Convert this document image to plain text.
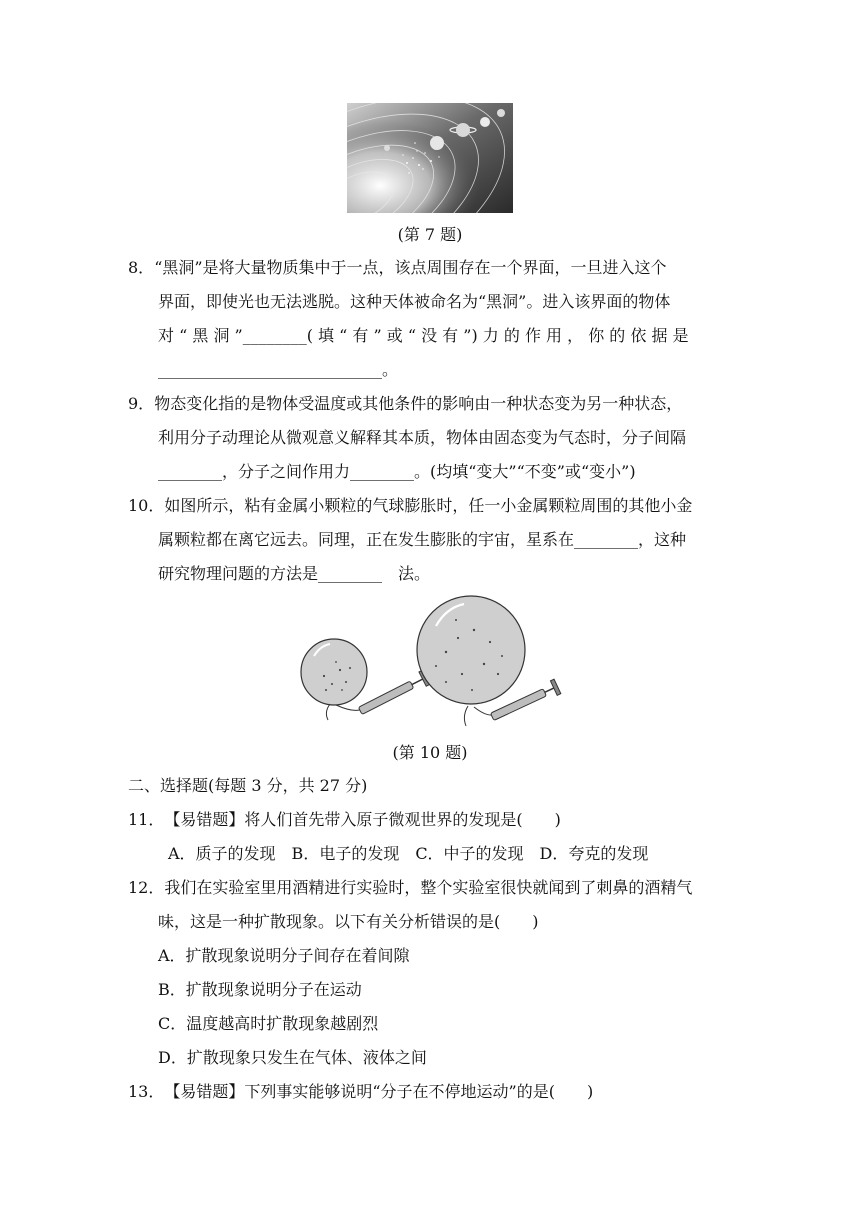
(第 7 题)
8．“黑洞”是将大量物质集中于一点，该点周围存在一个界面，一旦进入这个
界面，即使光也无法逃脱。这种天体被命名为“黑洞”。进入该界面的物体
对 “ 黑 洞 ”________( 填 “ 有 ” 或 “ 没 有 ”) 力 的 作 用 ， 你 的 依 据 是
____________________________。
9．物态变化指的是物体受温度或其他条件的影响由一种状态变为另一种状态，
利用分子动理论从微观意义解释其本质，物体由固态变为气态时，分子间隔
________，分子之间作用力________。(均填“变大”“不变”或“变小”)
10．如图所示，粘有金属小颗粒的气球膨胀时，任一小金属颗粒周围的其他小金
属颗粒都在离它远去。同理，正在发生膨胀的宇宙，星系在________，这种
研究物理问题的方法是________　法。
(第 10 题)
二、选择题(每题 3 分，共 27 分)
11．【易错题】将人们首先带入原子微观世界的发现是(　　)
A．质子的发现　B．电子的发现　C．中子的发现　D．夸克的发现
12．我们在实验室里用酒精进行实验时，整个实验室很快就闻到了刺鼻的酒精气
味，这是一种扩散现象。以下有关分析错误的是(　　)
A．扩散现象说明分子间存在着间隙
B．扩散现象说明分子在运动
C．温度越高时扩散现象越剧烈
D．扩散现象只发生在气体、液体之间
13．【易错题】下列事实能够说明“分子在不停地运动”的是(　　)
